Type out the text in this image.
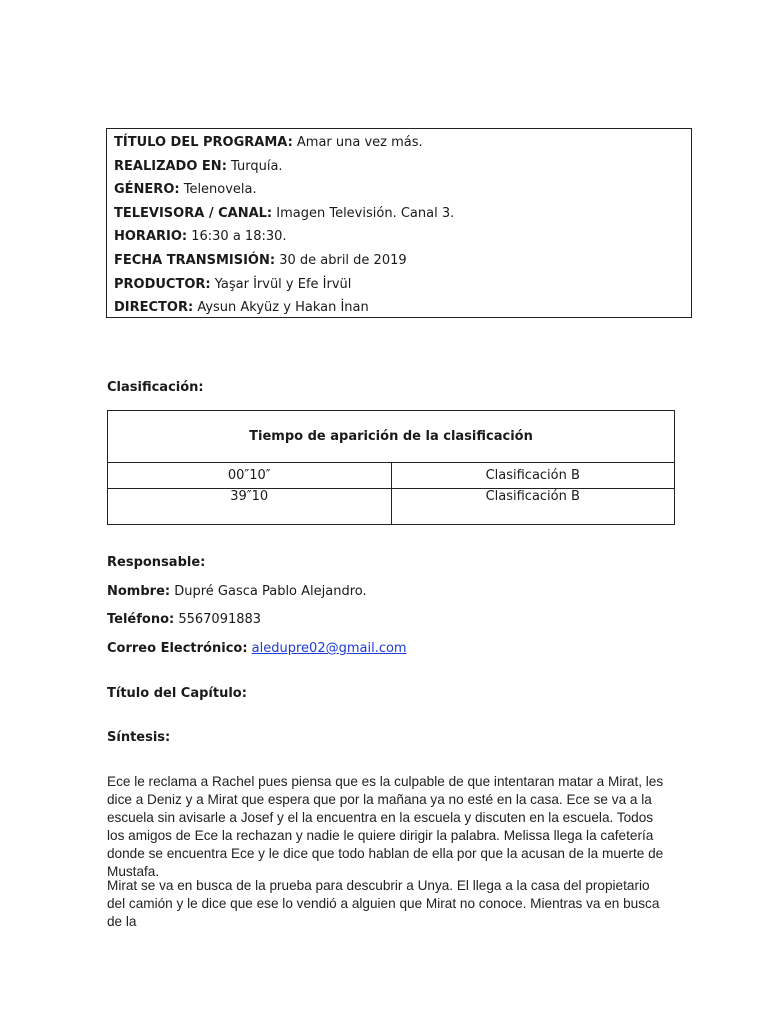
TÍTULO DEL PROGRAMA: Amar una vez más.
REALIZADO EN: Turquía.
GÉNERO: Telenovela.
TELEVISORA / CANAL: Imagen Televisión. Canal 3.
HORARIO: 16:30 a 18:30.
FECHA TRANSMISIÓN: 30 de abril de 2019
PRODUCTOR: Yaşar İrvül y Efe İrvül
DIRECTOR: Aysun Akyüz y Hakan İnan
Clasificación:
Tiempo de aparición de la clasificación	
00″10″	Clasificación B
39″10	Clasificación B
Responsable:
Nombre: Dupré Gasca Pablo Alejandro.
Teléfono: 5567091883
Correo Electrónico: aledupre02@gmail.com
Título del Capítulo:
Síntesis:
Ece le reclama a Rachel pues piensa que es la culpable de que intentaran matar a Mirat, les dice a Deniz y a Mirat que espera que por la mañana ya no esté en la casa. Ece se va a la escuela sin avisarle a Josef y el la encuentra en la escuela y discuten en la escuela. Todos los amigos de Ece la rechazan y nadie le quiere dirigir la palabra. Melissa llega la cafetería donde se encuentra Ece y le dice que todo hablan de ella por que la acusan de la muerte de Mustafa.
Mirat se va en busca de la prueba para descubrir a Unya. El llega a la casa del propietario del camión y le dice que ese lo vendió a alguien que Mirat no conoce. Mientras va en busca de la
